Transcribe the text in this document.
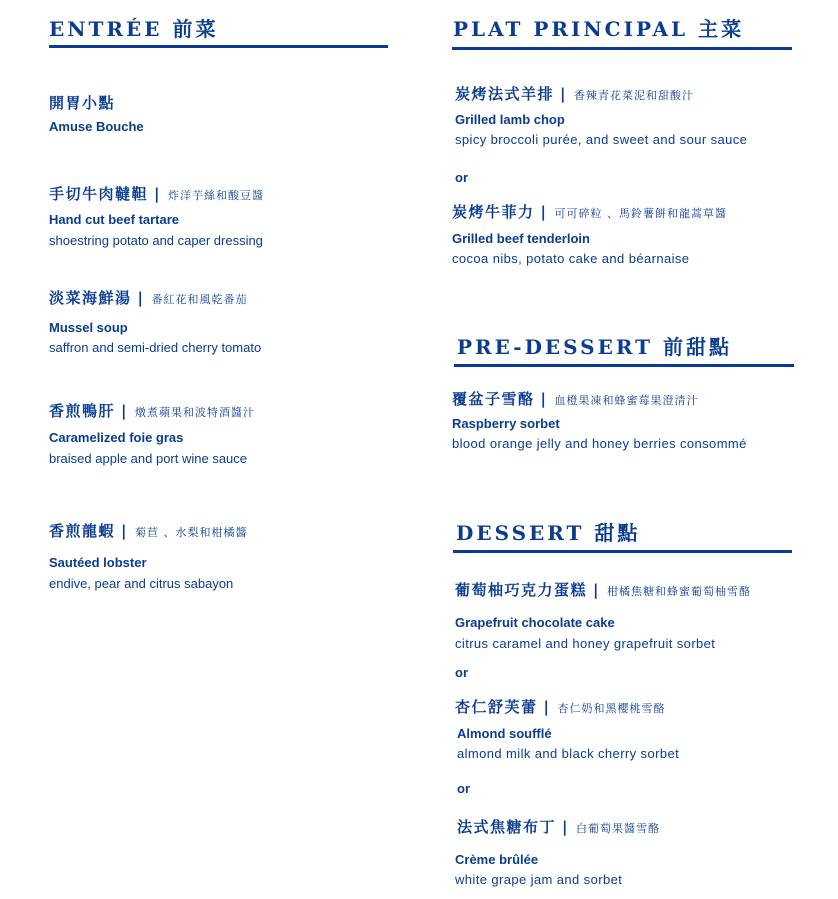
ENTRÉE 前菜
開胃小點
Amuse Bouche
手切牛肉韃靼 | 炸洋芋絲和酸豆醬
Hand cut beef tartare
shoestring potato and caper dressing
淡菜海鮮湯 | 番紅花和風乾番茄
Mussel soup
saffron and semi-dried cherry tomato
香煎鴨肝 | 燉煮蘋果和波特酒醬汁
Caramelized foie gras
braised apple and port wine sauce
香煎龍蝦 | 菊苣 、水梨和柑橘醬
Sautéed lobster
endive, pear and citrus sabayon
PLAT PRINCIPAL 主菜
炭烤法式羊排 | 香辣青花菜泥和甜酸汁
Grilled lamb chop
spicy broccoli purée, and sweet and sour sauce
or
炭烤牛菲力 | 可可碎粒 、馬鈴薯餅和龍蒿草醬
Grilled beef tenderloin
cocoa nibs, potato cake and béarnaise
PRE-DESSERT 前甜點
覆盆子雪酪 | 血橙果凍和蜂蜜莓果澄清汁
Raspberry sorbet
blood orange jelly and honey berries consommé
DESSERT 甜點
葡萄柚巧克力蛋糕 | 柑橘焦糖和蜂蜜葡萄柚雪酪
Grapefruit chocolate cake
citrus caramel and honey grapefruit sorbet
or
杏仁舒芙蕾 | 杏仁奶和黑櫻桃雪酪
Almond soufflé
almond milk and black cherry sorbet
or
法式焦糖布丁 | 白葡萄果醬雪酪
Crème brûlée
white grape jam and sorbet
